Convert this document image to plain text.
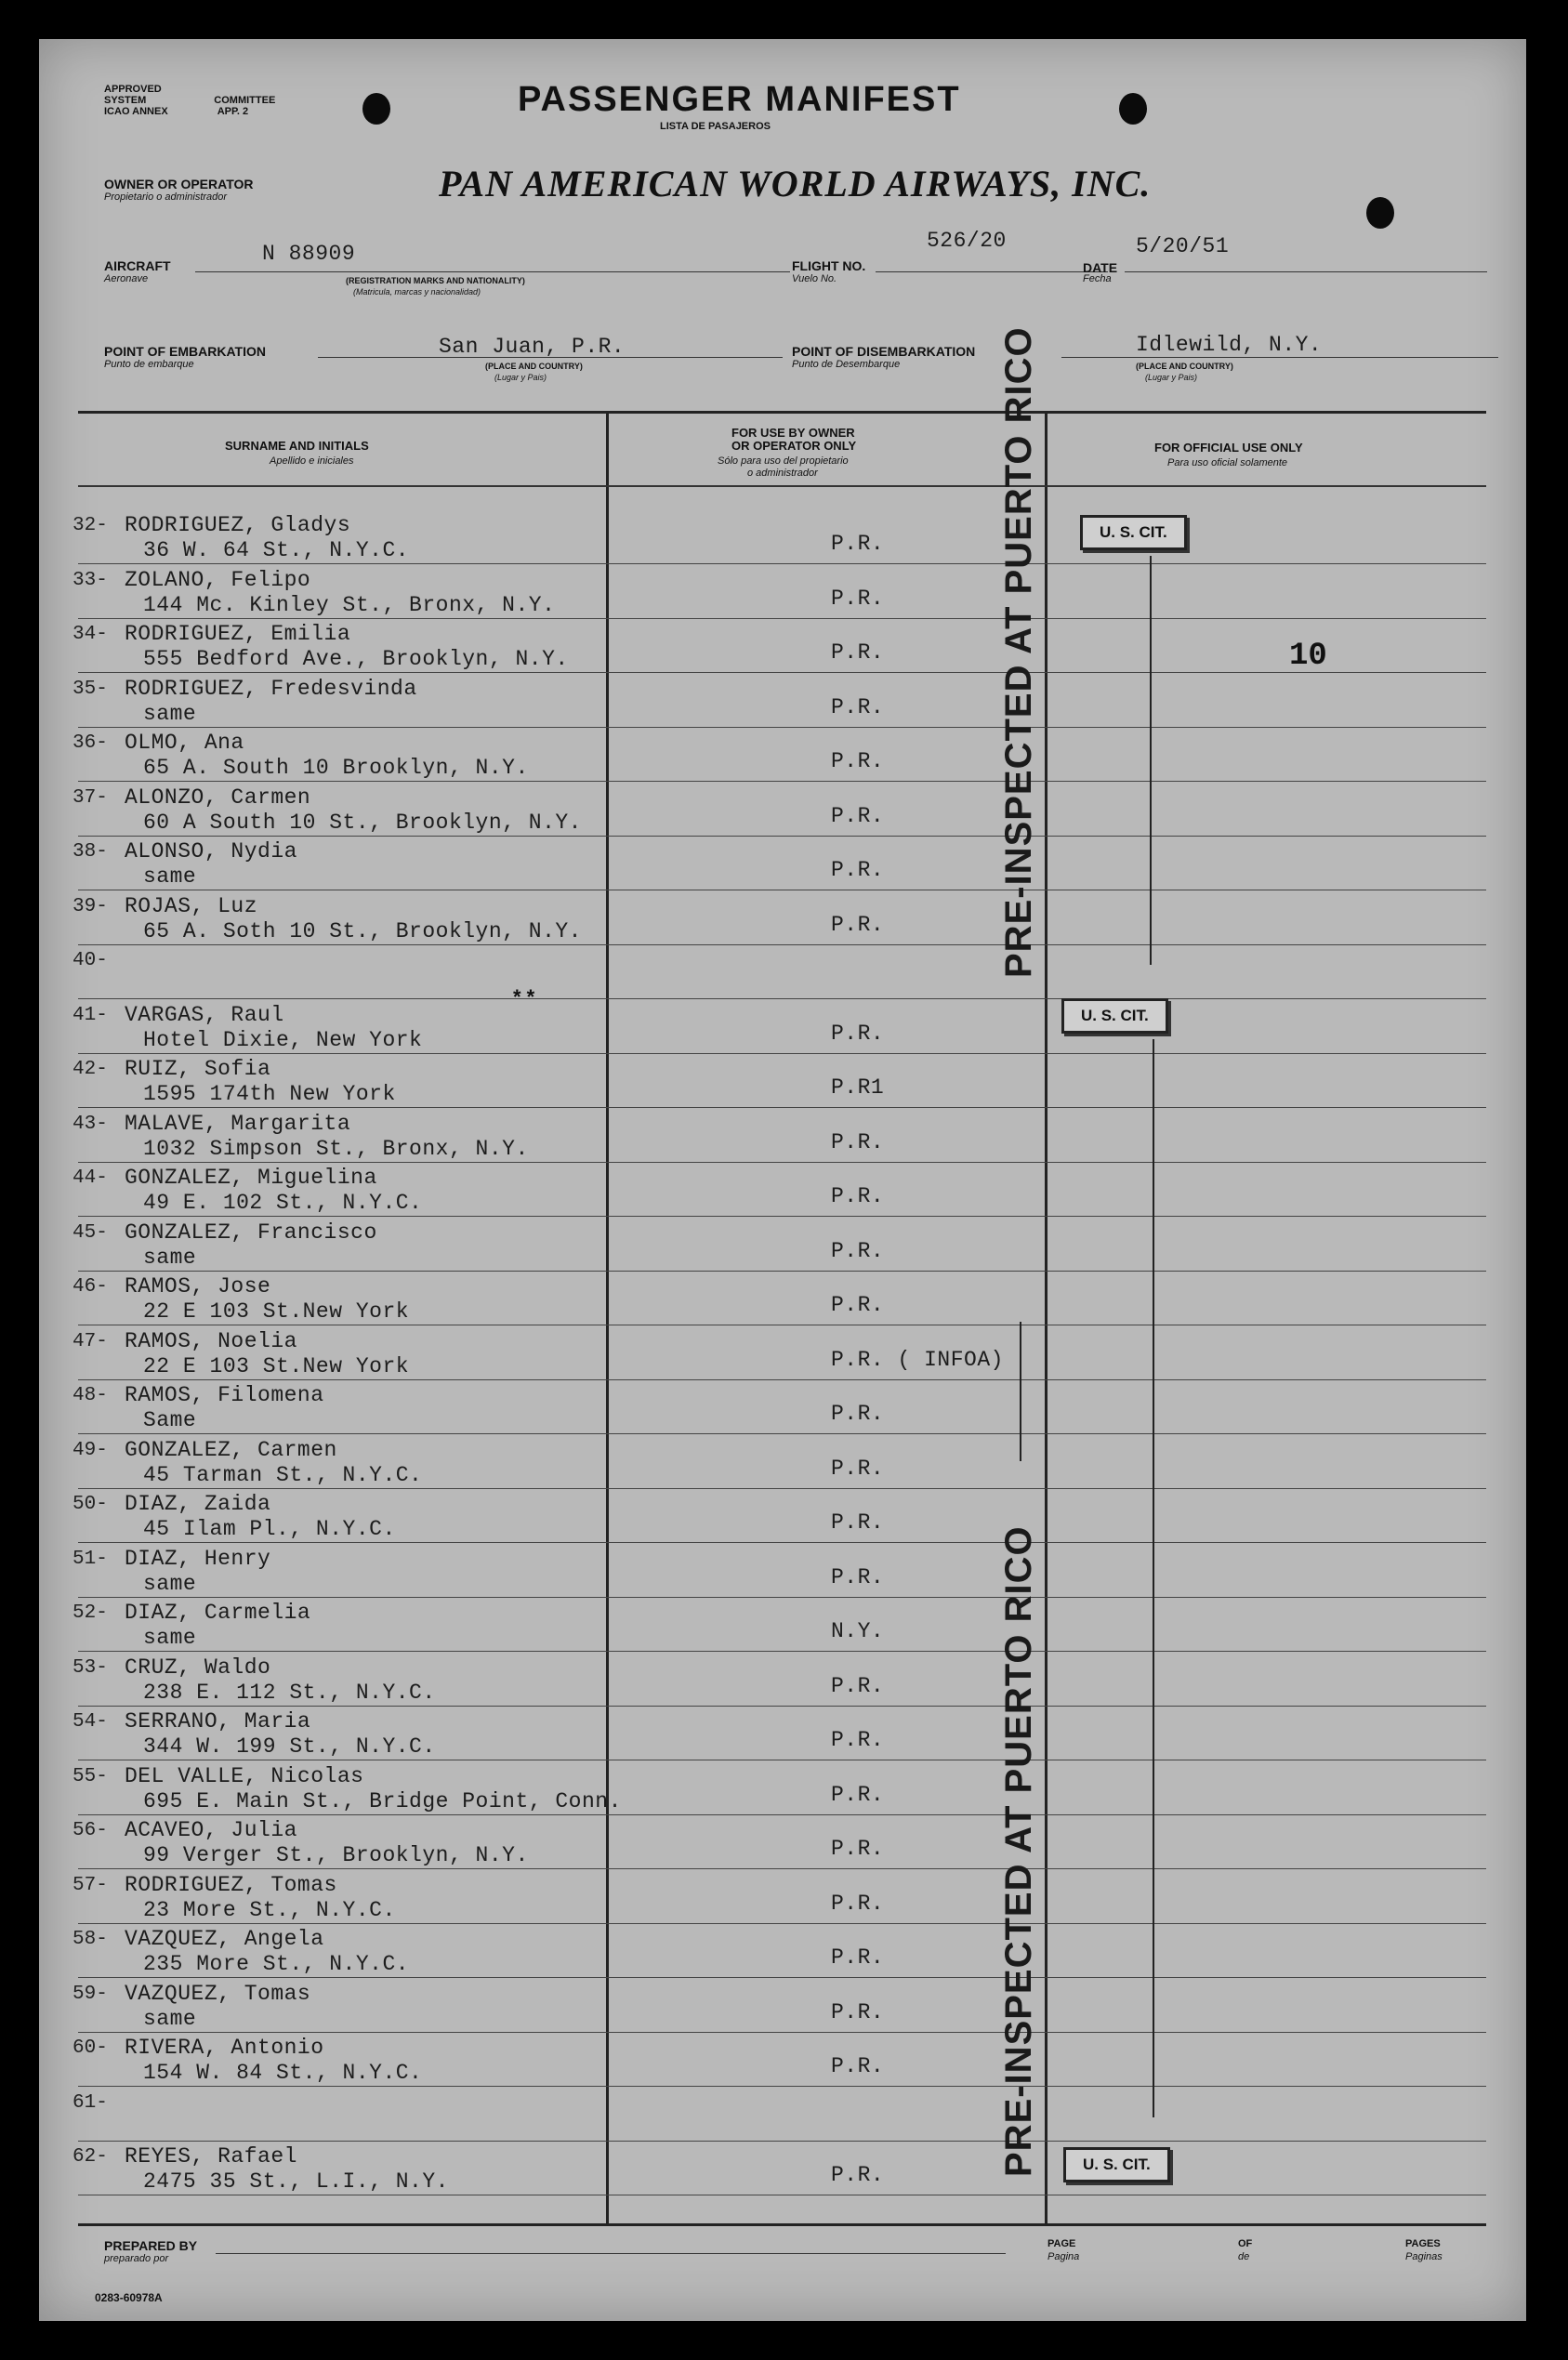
APPROVED
SYSTEM	COMMITTEE
ICAO ANNEX	APP. 2	PASSENGER MANIFEST
LISTA DE PASAJEROS
OWNER OR OPERATOR
Propietario o administrador	PAN AMERICAN WORLD AIRWAYS, INC.
AIRCRAFT
Aeronave
N 88909
(REGISTRATION MARKS AND NATIONALITY)
(Matricula, marcas y nacionalidad)
FLIGHT NO.
Vuelo No.
526/20
DATE
Fecha
5/20/51
POINT OF EMBARKATION
Punto de embarque
San Juan, P.R.
(PLACE AND COUNTRY)
(Lugar y Pais)
POINT OF DISEMBARKATION
Punto de Desembarque
Idlewild, N.Y.
(PLACE AND COUNTRY)
(Lugar y Pais)
SURNAME AND INITIALS
Apellido e iniciales
FOR USE BY OWNER
OR OPERATOR ONLY
Sólo para uso del propietario
o administrador
FOR OFFICIAL USE ONLY
Para uso oficial solamente
32- RODRIGUEZ, Gladys
36 W. 64 St., N.Y.C.	P.R.
33- ZOLANO, Felipo
144 Mc. Kinley St., Bronx, N.Y.	P.R.
34- RODRIGUEZ, Emilia
555 Bedford Ave., Brooklyn, N.Y.	P.R.
35- RODRIGUEZ, Fredesvinda
same	P.R.
36- OLMO, Ana
65 A. South 10 Brooklyn, N.Y.	P.R.
37- ALONZO, Carmen
60 A South 10 St., Brooklyn, N.Y.	P.R.
38- ALONSO, Nydia
same	P.R.
39- ROJAS, Luz
65 A. Soth 10 St., Brooklyn, N.Y.	P.R.
40-
41- VARGAS, Raul
Hotel Dixie, New York	P.R.
42- RUIZ, Sofia
1595 174th New York	P.R1
43- MALAVE, Margarita
1032 Simpson St., Bronx, N.Y.	P.R.
44- GONZALEZ, Miguelina
49 E. 102 St., N.Y.C.	P.R.
45- GONZALEZ, Francisco
same	P.R.
46- RAMOS, Jose
22 E 103 St.New York	P.R.
47- RAMOS, Noelia
22 E 103 St.New York	P.R. ( INFOA)
48- RAMOS, Filomena
Same	P.R.
49- GONZALEZ, Carmen
45 Tarman St., N.Y.C.	P.R.
50- DIAZ, Zaida
45 Ilam Pl., N.Y.C.	P.R.
51- DIAZ, Henry
same	P.R.
52- DIAZ, Carmelia
same	N.Y.
53- CRUZ, Waldo
238 E. 112 St., N.Y.C.	P.R.
54- SERRANO, Maria
344 W. 199 St., N.Y.C.	P.R.
55- DEL VALLE, Nicolas
695 E. Main St., Bridge Point, Conn.	P.R.
56- ACAVEO, Julia
99 Verger St., Brooklyn, N.Y.	P.R.
57- RODRIGUEZ, Tomas
23 More St., N.Y.C.	P.R.
58- VAZQUEZ, Angela
235 More St., N.Y.C.	P.R.
59- VAZQUEZ, Tomas
same	P.R.
60- RIVERA, Antonio
154 W. 84 St., N.Y.C.	P.R.
61-
62- REYES, Rafael
2475 35 St., L.I., N.Y.	P.R.
U. S. CIT.
U. S. CIT.
U. S. CIT.
10
* *
PRE-INSPECTED AT PUERTO RICO
PRE-INSPECTED AT PUERTO RICO
PREPARED BY
preparado por
PAGE
Pagina
OF
de
PAGES
Paginas
0283-60978A
